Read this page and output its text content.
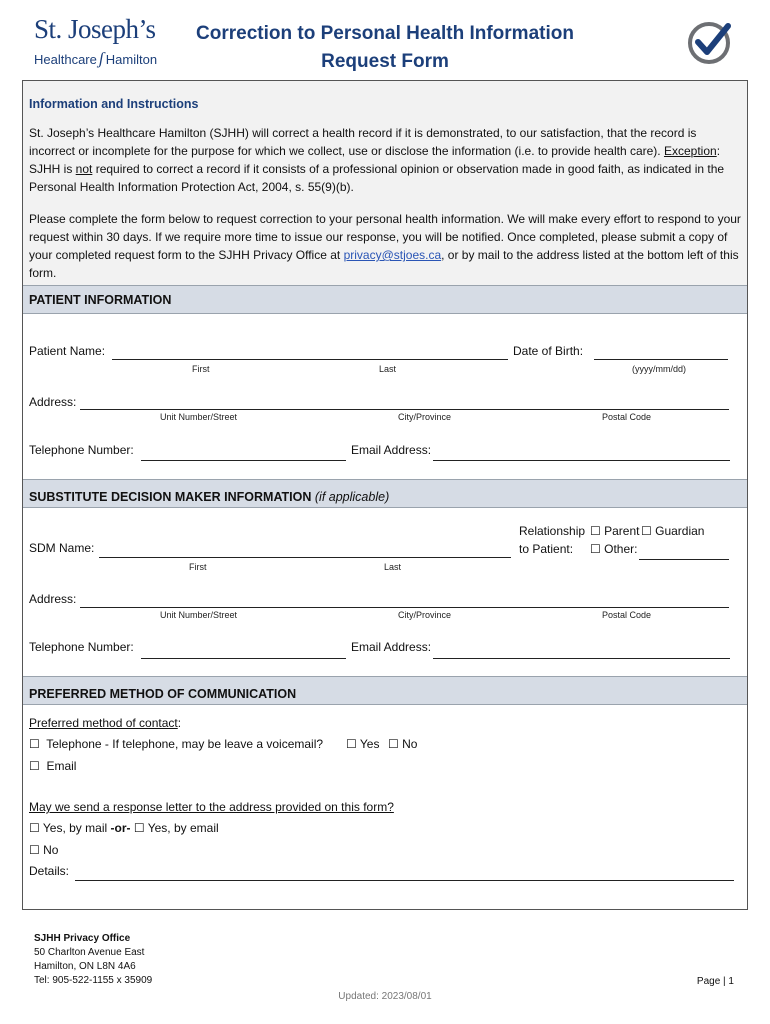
St. Joseph’s
Healthcare ʃ Hamilton
Correction to Personal Health Information
Request Form
Information and Instructions
St. Joseph’s Healthcare Hamilton (SJHH) will correct a health record if it is demonstrated, to our satisfaction, that the record is incorrect or incomplete for the purpose for which we collect, use or disclose the information (i.e. to provide health care). Exception: SJHH is not required to correct a record if it consists of a professional opinion or observation made in good faith, as indicated in the Personal Health Information Protection Act, 2004, s. 55(9)(b).
Please complete the form below to request correction to your personal health information. We will make every effort to respond to your request within 30 days. If we require more time to issue our response, you will be notified. Once completed, please submit a copy of your completed request form to the SJHH Privacy Office at privacy@stjoes.ca, or by mail to the address listed at the bottom left of this form.
PATIENT INFORMATION
Patient Name:
First	Last
Date of Birth:
(yyyy/mm/dd)
Address:
Unit Number/Street	City/Province	Postal Code
Telephone Number:	Email Address:
SUBSTITUTE DECISION MAKER INFORMATION (if applicable)
SDM Name:
First	Last
Relationship
to Patient:
☐ Parent ☐ Guardian
☐ Other:
Address:
Unit Number/Street	City/Province	Postal Code
Telephone Number:	Email Address:
PREFERRED METHOD OF COMMUNICATION
Preferred method of contact:
☐ Telephone - If telephone, may be leave a voicemail? ☐ Yes ☐ No
☐ Email
May we send a response letter to the address provided on this form?
☐ Yes, by mail -or- ☐ Yes, by email
☐ No
Details:
SJHH Privacy Office
50 Charlton Avenue East
Hamilton, ON L8N 4A6
Tel: 905-522-1155 x 35909
Updated: 2023/08/01
Page | 1
